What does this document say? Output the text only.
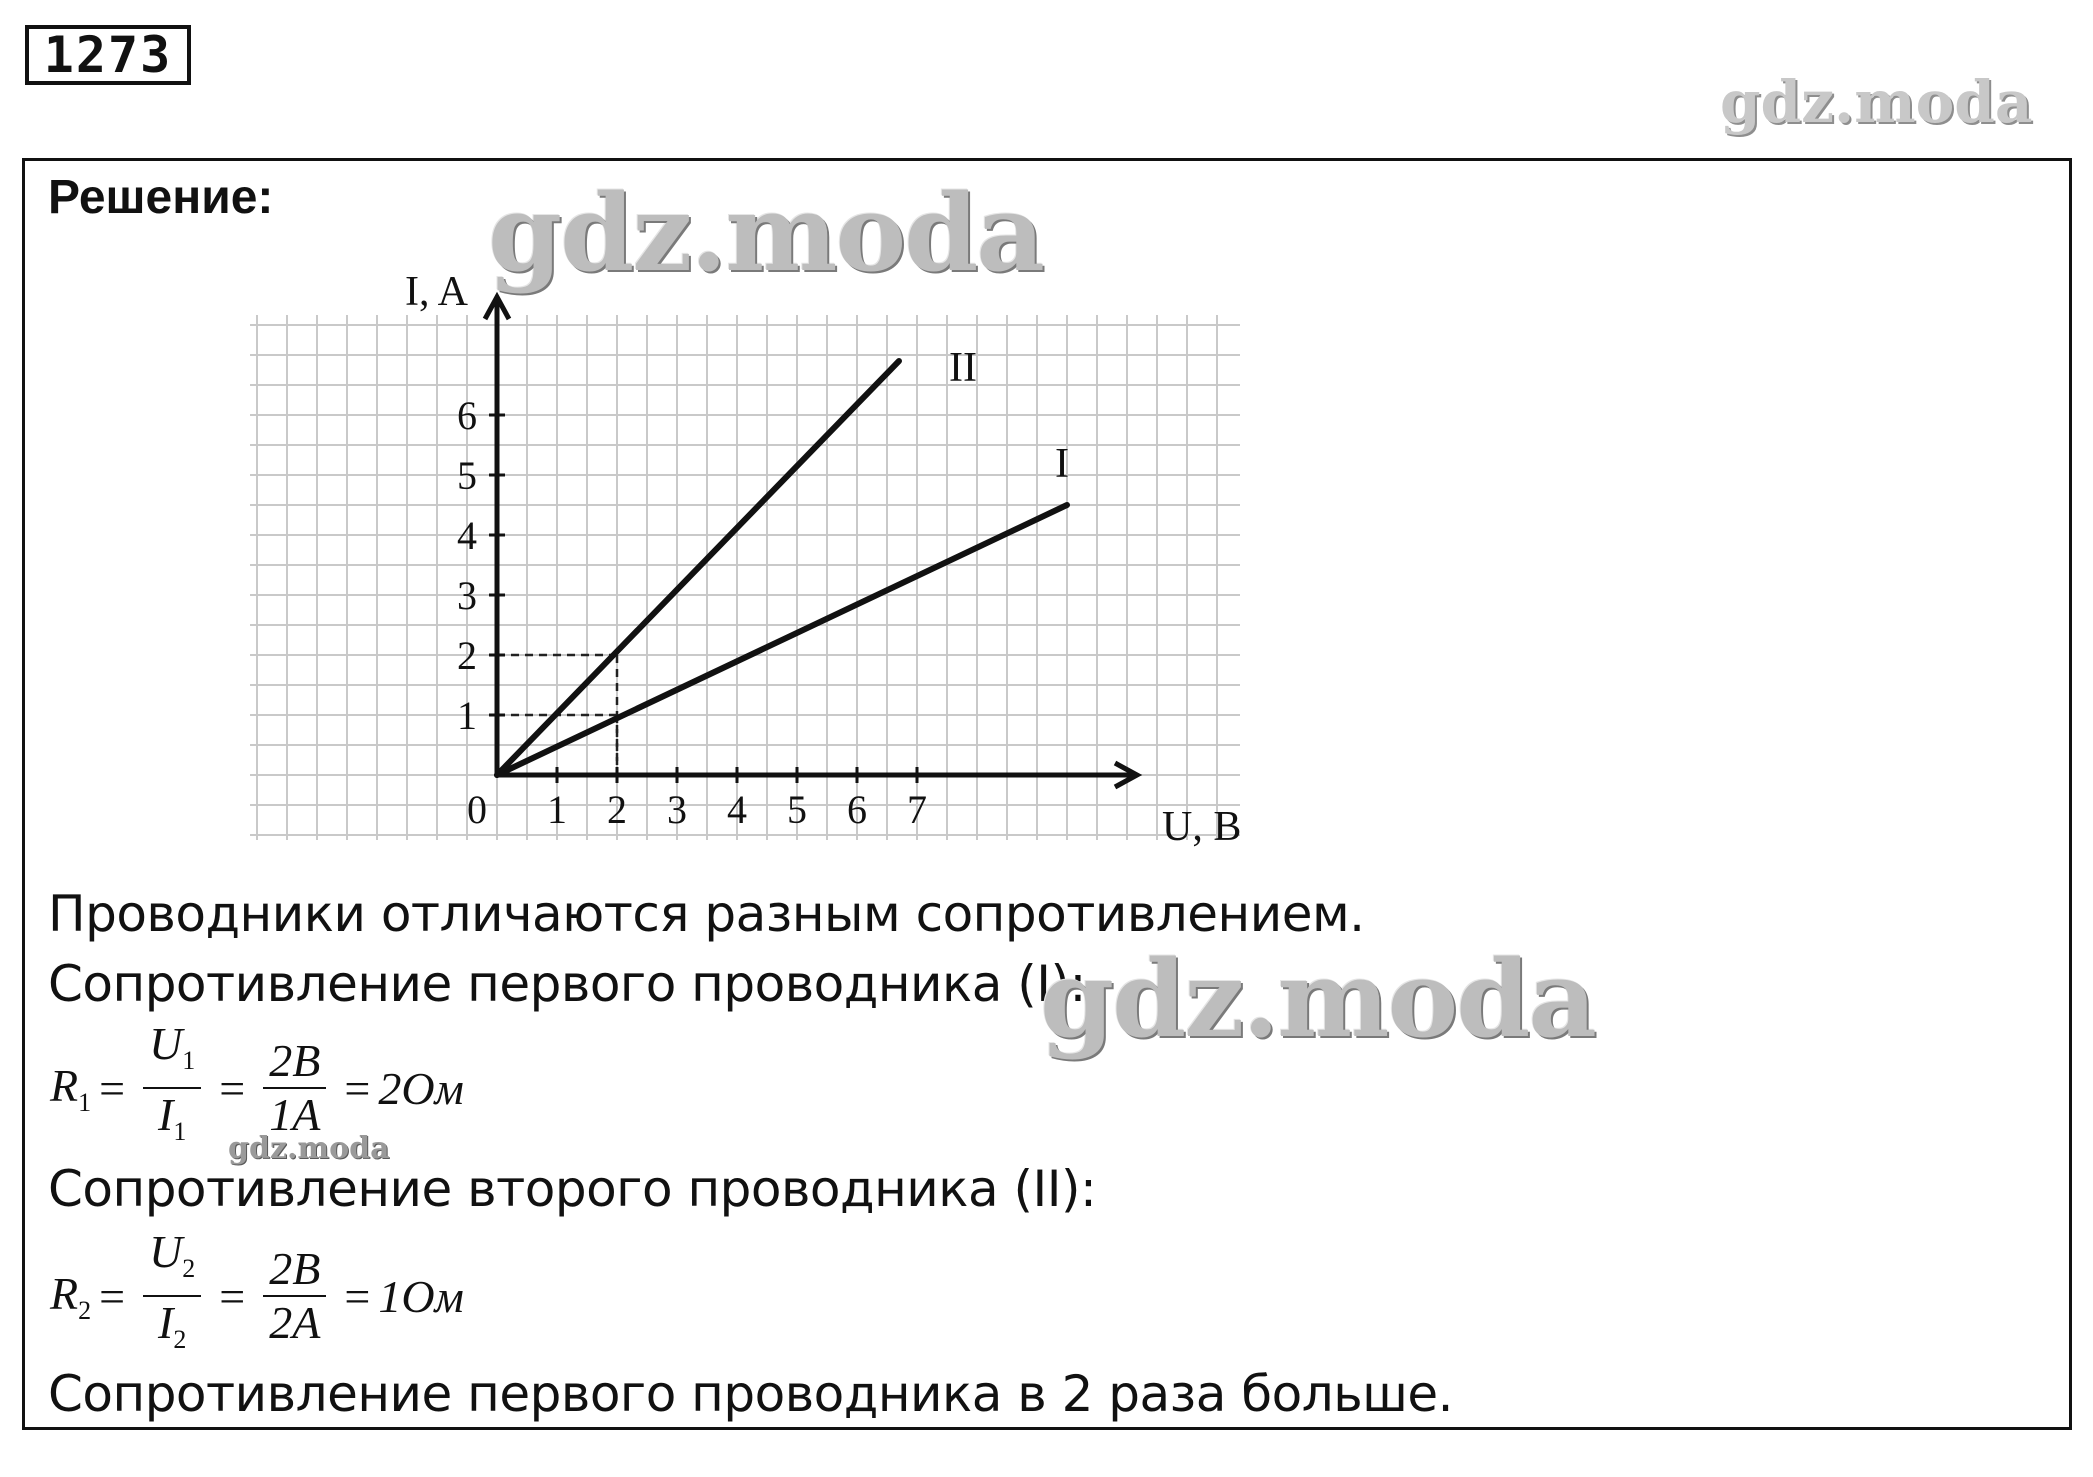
1273
gdz.moda
Решение:
I
II
0 1 2 3 4 5 6 7
1
2
3
4
5
6
I, A
U, B
gdz.moda
Проводники отличаются разным сопротивлением.
Сопротивление первого проводника (I):
gdz.moda
$R_1 = \frac{U_1}{I_1} = \frac{2B}{1A} = 2Ом$
gdz.moda
Сопротивление второго проводника (II):
$R_2 = \frac{U_2}{I_2} = \frac{2B}{2A} = 1Ом$
Сопротивление первого проводника в 2 раза больше.
